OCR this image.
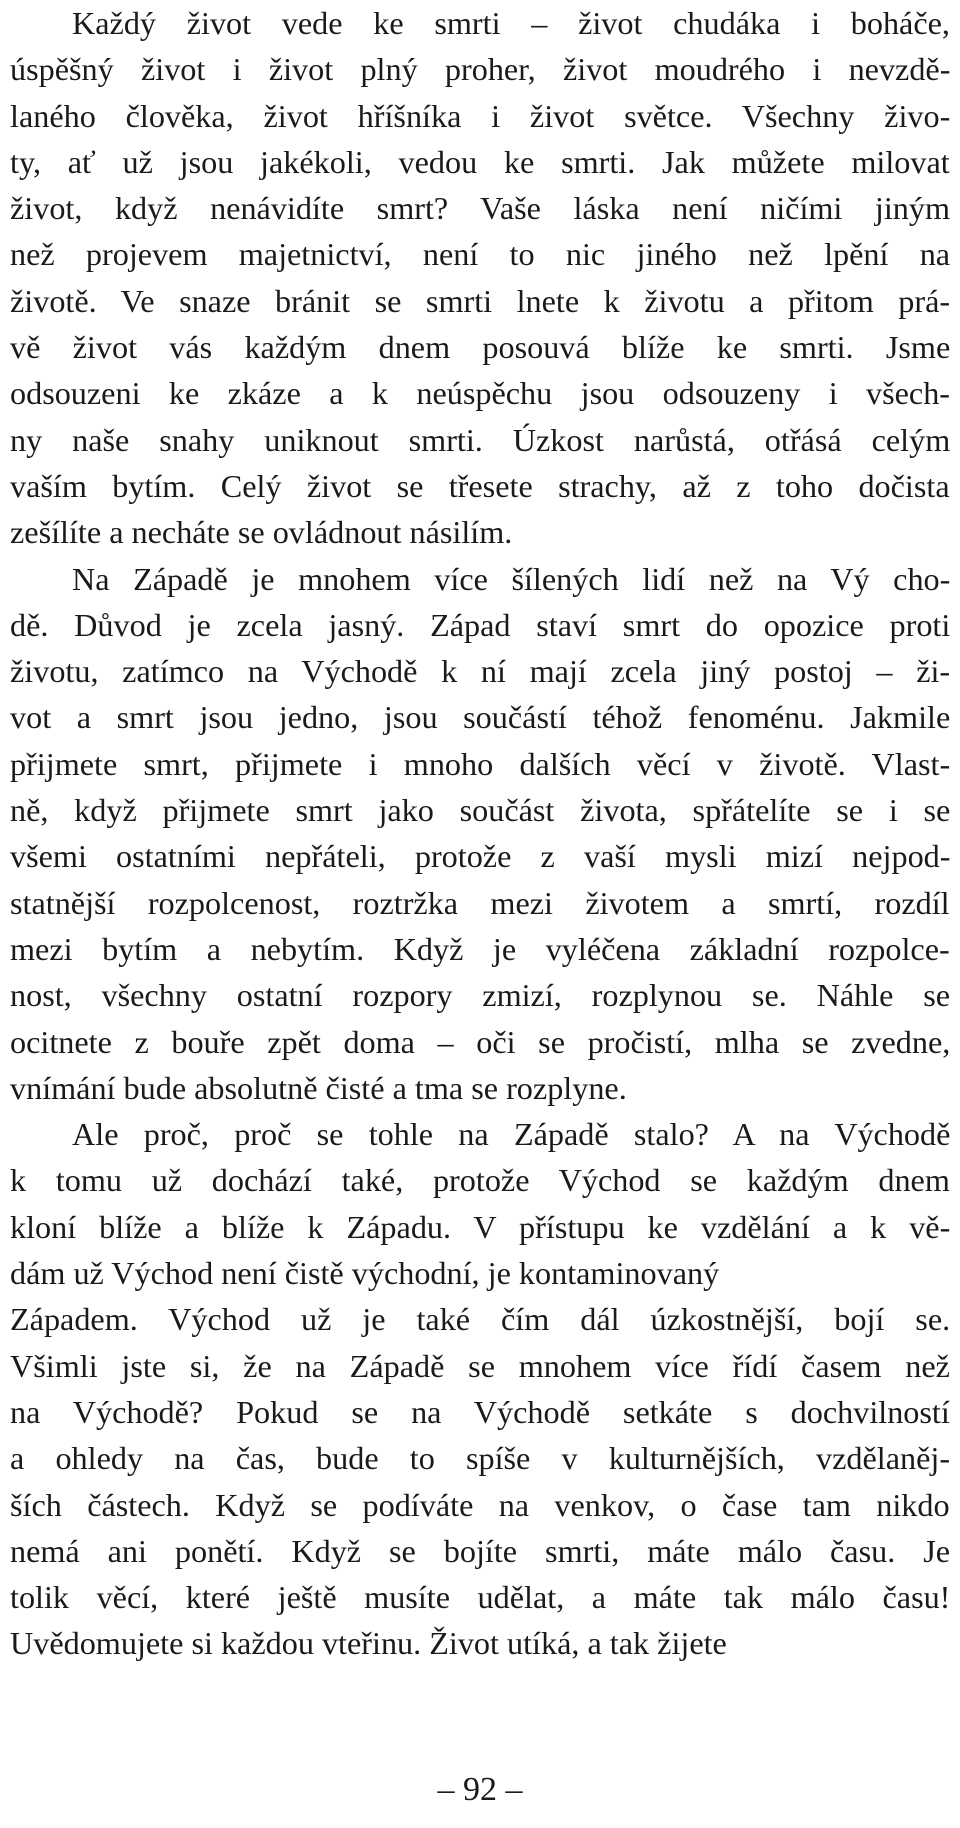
Každý život vede ke smrti – život chudáka i boháče,
úspěšný život i život plný proher, život moudrého i nevzdě-
laného člověka, život hříšníka i život světce. Všechny živo-
ty, ať už jsou jakékoli, vedou ke smrti. Jak můžete milovat
život, když nenávidíte smrt? Vaše láska není ničími jiným
než projevem majetnictví, není to nic jiného než lpění na
životě. Ve snaze bránit se smrti lnete k životu a přitom prá-
vě život vás každým dnem posouvá blíže ke smrti. Jsme
odsouzeni ke zkáze a k neúspěchu jsou odsouzeny i všech-
ny naše snahy uniknout smrti. Úzkost narůstá, otřásá celým
vaším bytím. Celý život se třesete strachy, až z toho dočista
zešílíte a necháte se ovládnout násilím.
Na Západě je mnohem více šílených lidí než na Vý cho-
dě. Důvod je zcela jasný. Západ staví smrt do opozice proti
životu, zatímco na Východě k ní mají zcela jiný postoj – ži-
vot a smrt jsou jedno, jsou součástí téhož fenoménu. Jakmile
přijmete smrt, přijmete i mnoho dalších věcí v životě. Vlast-
ně, když přijmete smrt jako součást života, spřátelíte se i se
všemi ostatními nepřáteli, protože z vaší mysli mizí nejpod-
statnější rozpolcenost, roztržka mezi životem a smrtí, rozdíl
mezi bytím a nebytím. Když je vyléčena základní rozpolce-
nost, všechny ostatní rozpory zmizí, rozplynou se. Náhle se
ocitnete z bouře zpět doma – oči se pročistí, mlha se zvedne,
vnímání bude absolutně čisté a tma se rozplyne.
Ale proč, proč se tohle na Západě stalo? A na Východě
k tomu už dochází také, protože Východ se každým dnem
kloní blíže a blíže k Západu. V přístupu ke vzdělání a k vě-
dám už Východ není čistě východní, je kontaminovaný
Západem. Východ už je také čím dál úzkostnější, bojí se.
Všimli jste si, že na Západě se mnohem více řídí časem než
na Východě? Pokud se na Východě setkáte s dochvilností
a ohledy na čas, bude to spíše v kulturnějších, vzdělaněj-
ších částech. Když se podíváte na venkov, o čase tam nikdo
nemá ani ponětí. Když se bojíte smrti, máte málo času. Je
tolik věcí, které ještě musíte udělat, a máte tak málo času!
Uvědomujete si každou vteřinu. Život utíká, a tak žijete
– 92 –
